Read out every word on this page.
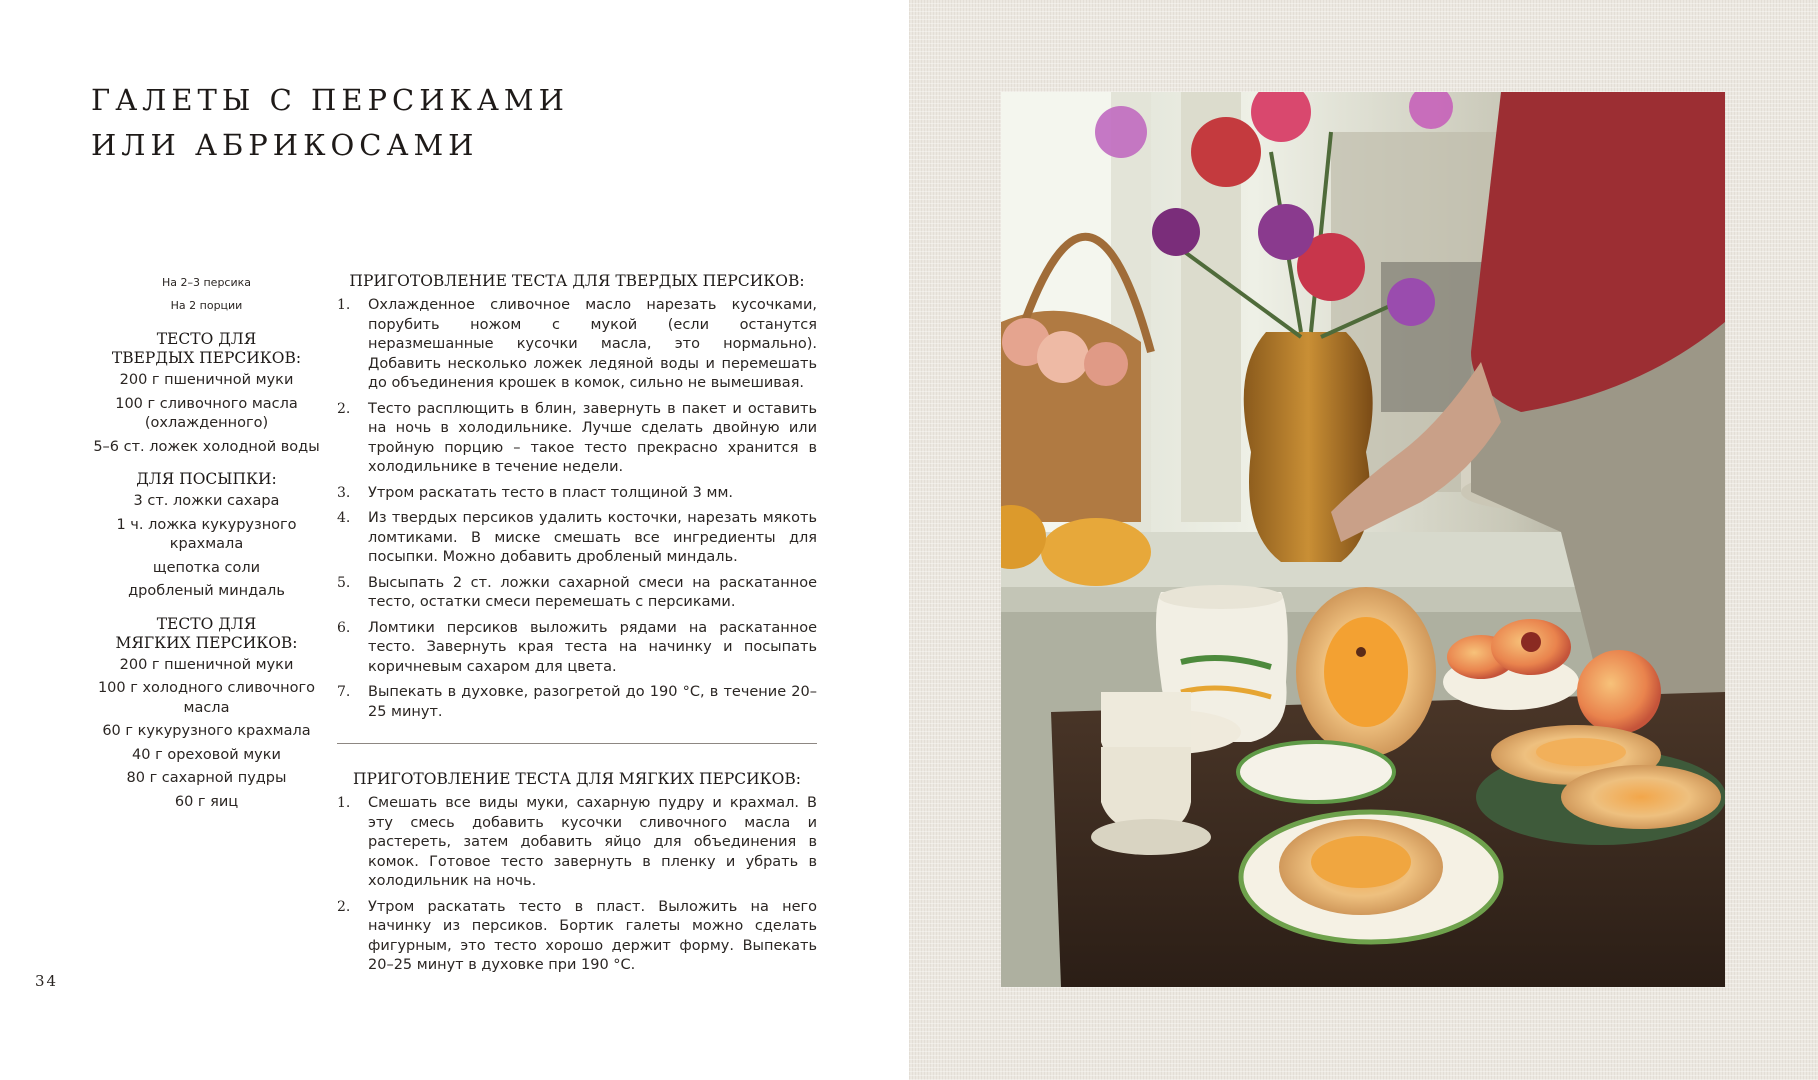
ГАЛЕТЫ С ПЕРСИКАМИ
ИЛИ АБРИКОСАМИ
На 2–3 персика
На 2 порции
ТЕСТО ДЛЯ
ТВЕРДЫХ ПЕРСИКОВ:
200 г пшеничной муки
100 г сливочного масла (охлажденного)
5–6 ст. ложек холодной воды
ДЛЯ ПОСЫПКИ:
3 ст. ложки сахара
1 ч. ложка кукурузного крахмала
щепотка соли
дробленый миндаль
ТЕСТО ДЛЯ
МЯГКИХ ПЕРСИКОВ:
200 г пшеничной муки
100 г холодного сливочного масла
60 г кукурузного крахмала
40 г ореховой муки
80 г сахарной пудры
60 г яиц
ПРИГОТОВЛЕНИЕ ТЕСТА ДЛЯ ТВЕРДЫХ ПЕРСИКОВ:
1.	Охлажденное сливочное масло нарезать кусочками, порубить ножом с мукой (если останутся неразмешанные кусочки масла, это нормально). Добавить несколько ложек ледяной воды и перемешать до объединения крошек в комок, сильно не вымешивая.
2.	Тесто расплющить в блин, завернуть в пакет и оставить на ночь в холодильнике. Лучше сделать двойную или тройную порцию – такое тесто прекрасно хранится в холодильнике в течение недели.
3.	Утром раскатать тесто в пласт толщиной 3 мм.
4.	Из твердых персиков удалить косточки, нарезать мякоть ломтиками. В миске смешать все ингредиенты для посыпки. Можно добавить дробленый миндаль.
5.	Высыпать 2 ст. ложки сахарной смеси на раскатанное тесто, остатки смеси перемешать с персиками.
6.	Ломтики персиков выложить рядами на раскатанное тесто. Завернуть края теста на начинку и посыпать коричневым сахаром для цвета.
7.	Выпекать в духовке, разогретой до 190 °С, в течение 20–25 минут.
ПРИГОТОВЛЕНИЕ ТЕСТА ДЛЯ МЯГКИХ ПЕРСИКОВ:
1.	Смешать все виды муки, сахарную пудру и крахмал. В эту смесь добавить кусочки сливочного масла и растереть, затем добавить яйцо для объединения в комок. Готовое тесто завернуть в пленку и убрать в холодильник на ночь.
2.	Утром раскатать тесто в пласт. Выложить на него начинку из персиков. Бортик галеты можно сделать фигурным, это тесто хорошо держит форму. Выпекать 20–25 минут в духовке при 190 °С.
34
